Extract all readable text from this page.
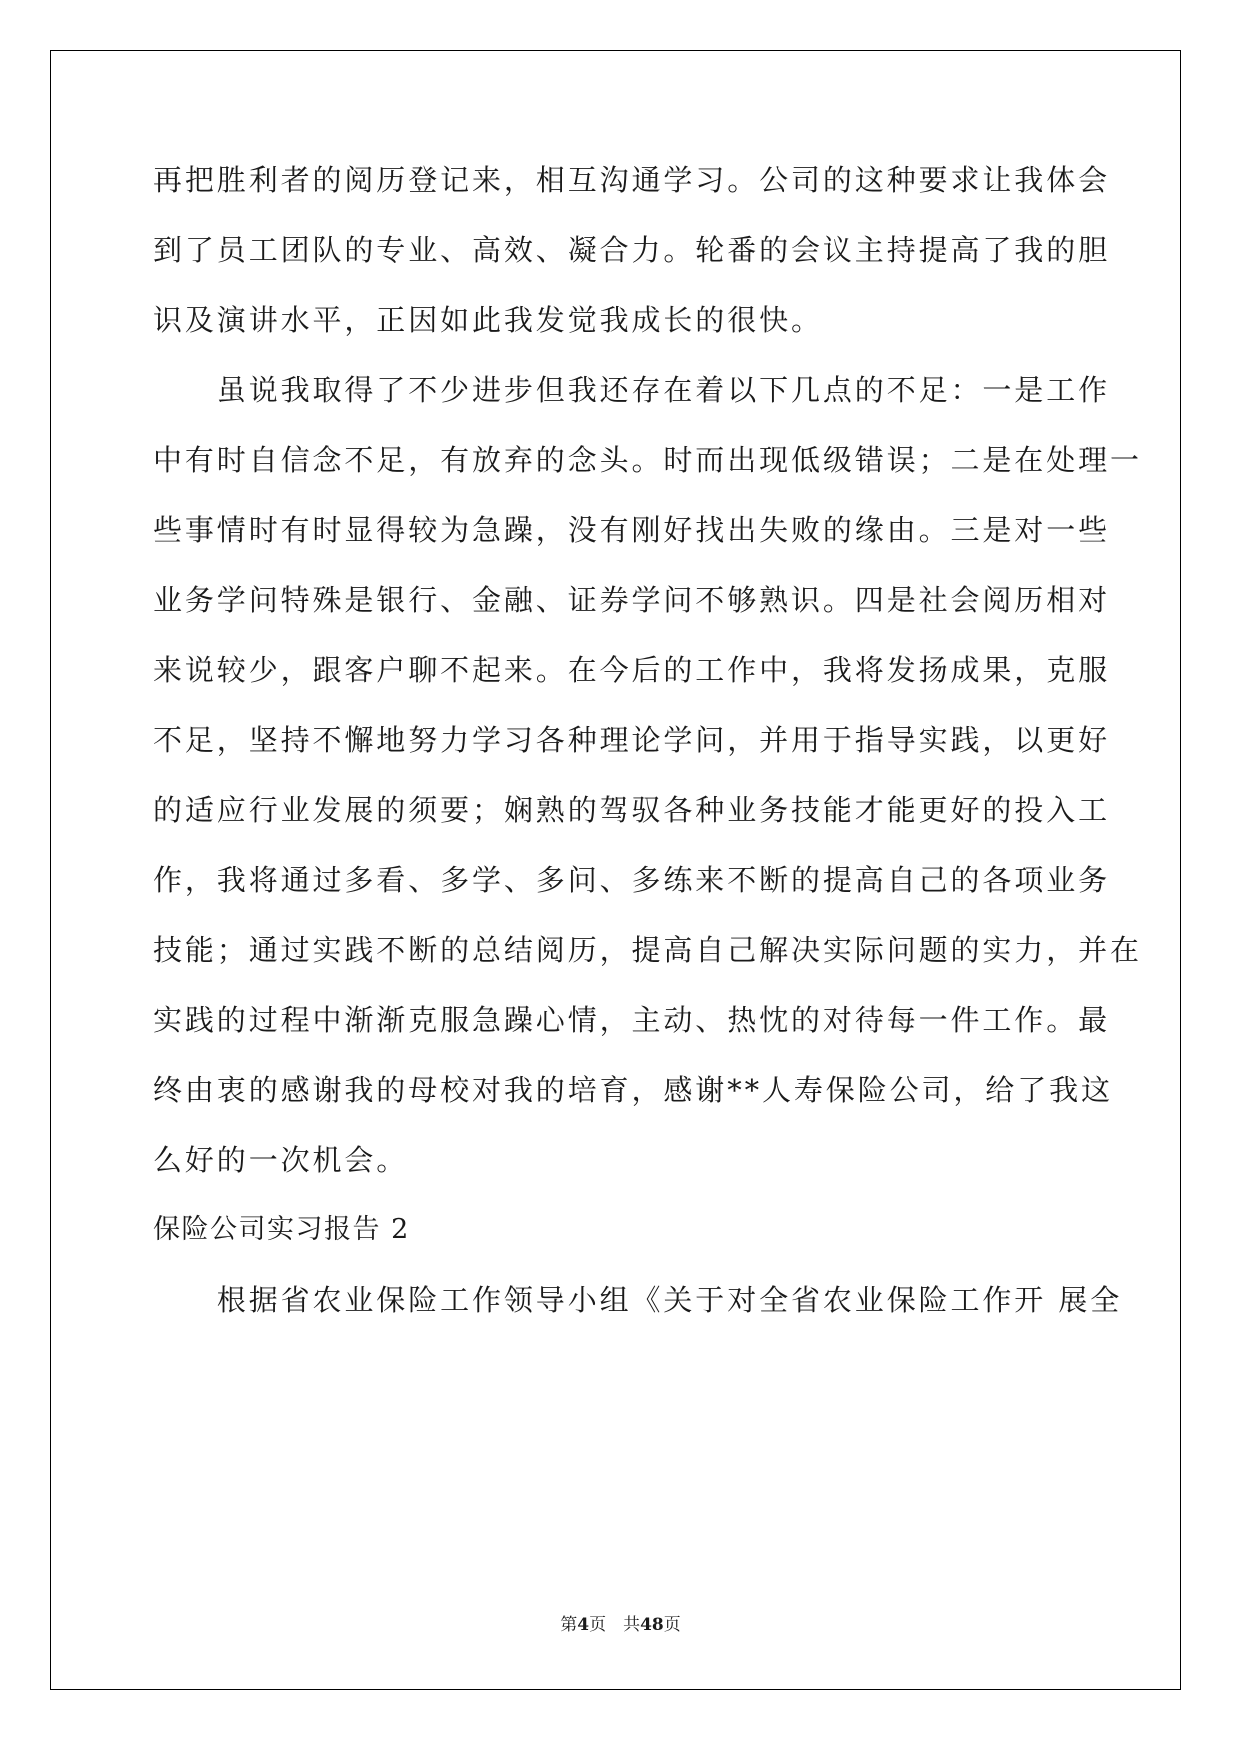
再把胜利者的阅历登记来，相互沟通学习。公司的这种要求让我体会
到了员工团队的专业、高效、凝合力。轮番的会议主持提高了我的胆
识及演讲水平，正因如此我发觉我成长的很快。
　　虽说我取得了不少进步但我还存在着以下几点的不足：一是工作
中有时自信念不足，有放弃的念头。时而出现低级错误；二是在处理一
些事情时有时显得较为急躁，没有刚好找出失败的缘由。三是对一些
业务学问特殊是银行、金融、证券学问不够熟识。四是社会阅历相对
来说较少，跟客户聊不起来。在今后的工作中，我将发扬成果，克服
不足，坚持不懈地努力学习各种理论学问，并用于指导实践，以更好
的适应行业发展的须要；娴熟的驾驭各种业务技能才能更好的投入工
作，我将通过多看、多学、多问、多练来不断的提高自己的各项业务
技能；通过实践不断的总结阅历，提高自己解决实际问题的实力，并在
实践的过程中渐渐克服急躁心情，主动、热忱的对待每一件工作。最
终由衷的感谢我的母校对我的培育，感谢**人寿保险公司，给了我这
么好的一次机会。
保险公司实习报告 2
　　根据省农业保险工作领导小组《关于对全省农业保险工作开 展全
第4页　共48页
